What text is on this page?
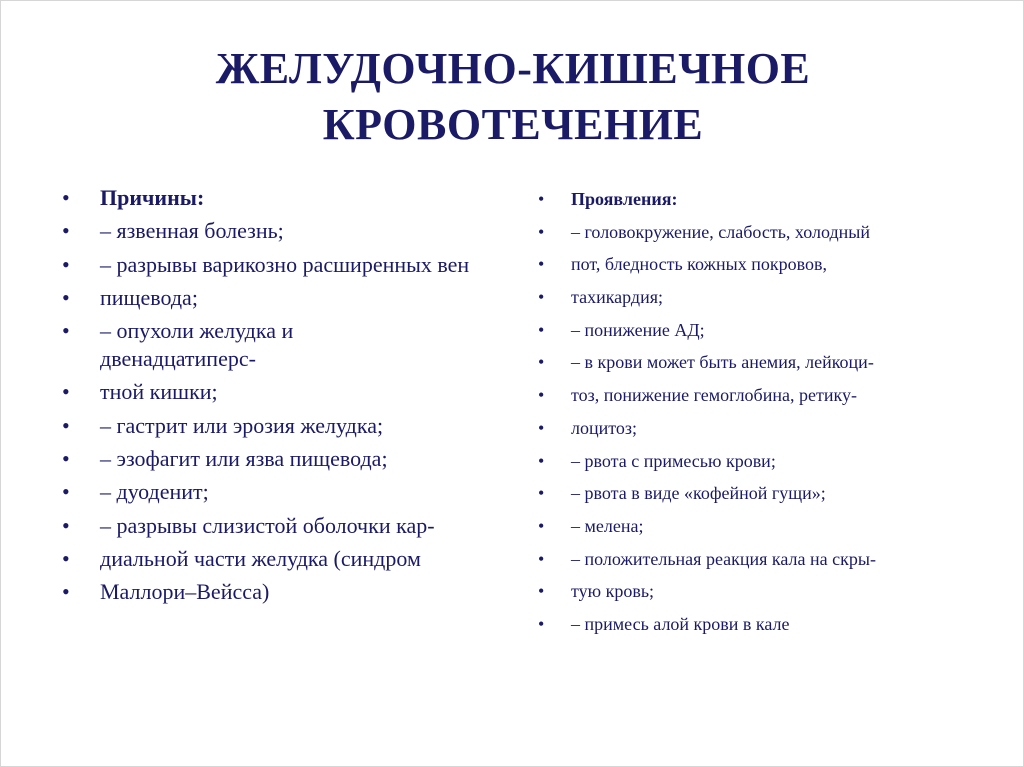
ЖЕЛУДОЧНО-КИШЕЧНОЕ
КРОВОТЕЧЕНИЕ
• Причины:
• – язвенная болезнь;
• – разрывы варикозно расширенных вен
• пищевода;
• – опухоли желудка и двенадцатиперс-
• тной кишки;
• – гастрит или эрозия желудка;
• – эзофагит или язва пищевода;
• – дуоденит;
• – разрывы слизистой оболочки кар-
• диальной части желудка (синдром
• Маллори–Вейсса)
• Проявления:
• – головокружение, слабость, холодный
• пот, бледность кожных покровов,
• тахикардия;
• – понижение АД;
• – в крови может быть анемия, лейкоци-
• тоз, понижение гемоглобина, ретику-
• лоцитоз;
• – рвота с примесью крови;
• – рвота в виде «кофейной гущи»;
• – мелена;
• – положительная реакция кала на скры-
• тую кровь;
• – примесь алой крови в кале
